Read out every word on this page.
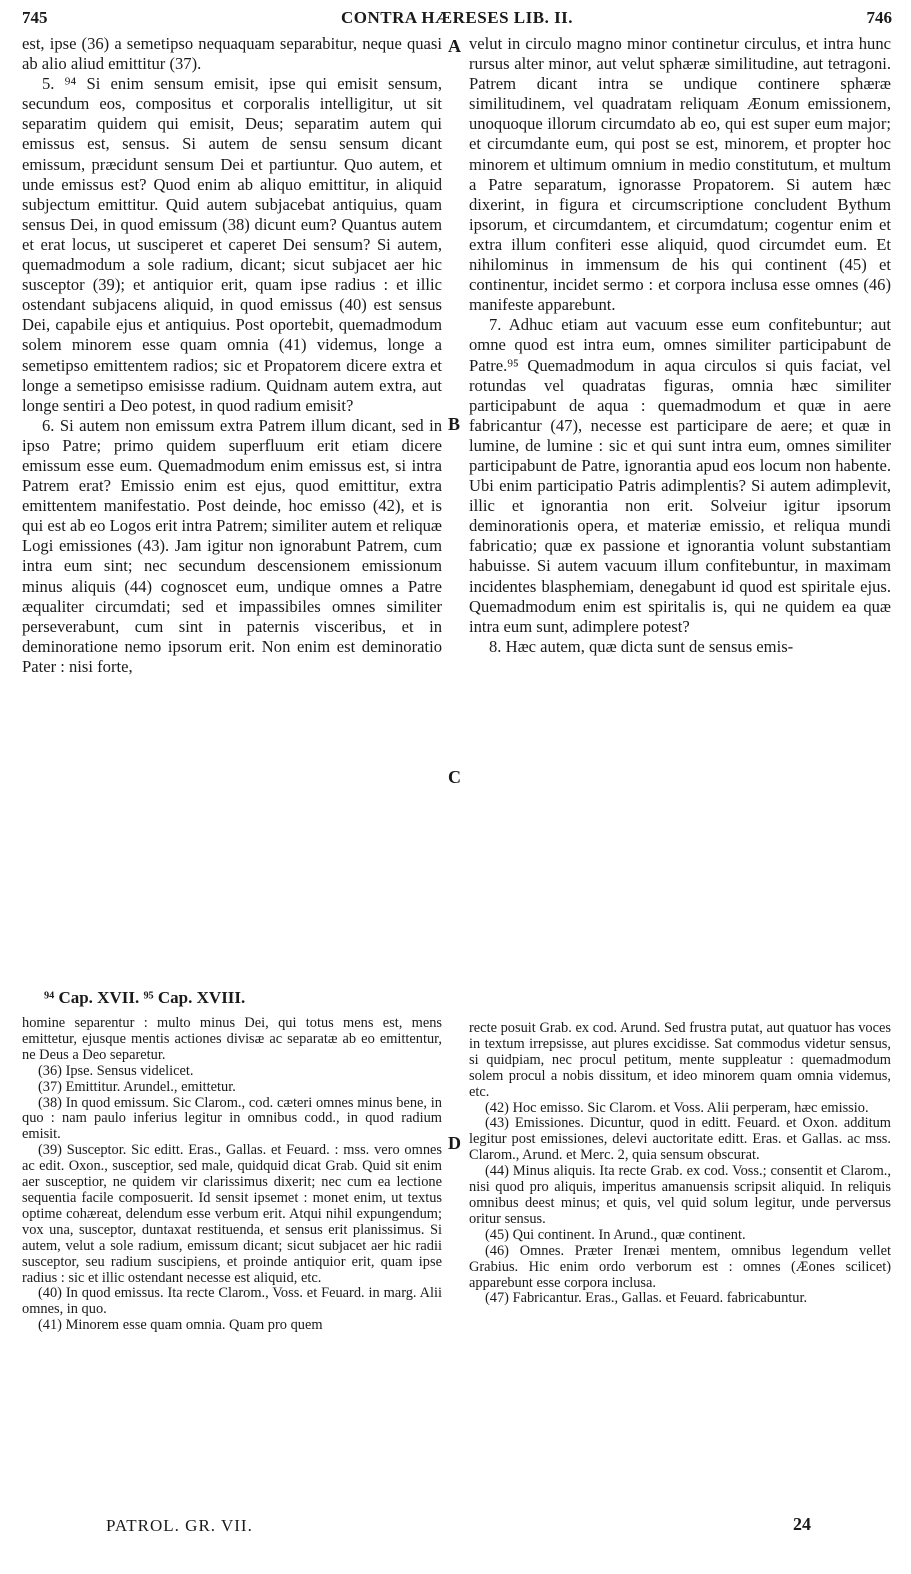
745	CONTRA HÆRESES LIB. II.	746

est, ipse (36) a semetipso nequaquam separabitur, neque quasi ab alio aliud emittitur (37).

5. ⁹⁴ Si enim sensum emisit, ipse qui emisit sensum, secundum eos, compositus et corporalis intelligitur, ut sit separatim quidem qui emisit, Deus; separatim autem qui emissus est, sensus. Si autem de sensu sensum dicant emissum, præcidunt sensum Dei et partiuntur. Quo autem, et unde emissus est? Quod enim ab aliquo emittitur, in aliquid subjectum emittitur. Quid autem subjacebat antiquius, quam sensus Dei, in quod emissum (38) dicunt eum? Quantus autem et erat locus, ut susciperet et caperet Dei sensum? Si autem, quemadmodum a sole radium, dicant; sicut subjacet aer hic susceptor (39); et antiquior erit, quam ipse radius : et illic ostendant subjacens aliquid, in quod emissus (40) est sensus Dei, capabile ejus et antiquius. Post oportebit, quemadmodum solem minorem esse quam omnia (41) videmus, longe a semetipso emittentem radios; sic et Propatorem dicere extra et longe a semetipso emisisse radium. Quidnam autem extra, aut longe sentiri a Deo potest, in quod radium emisit?

6. Si autem non emissum extra Patrem illum dicant, sed in ipso Patre; primo quidem superfluum erit etiam dicere emissum esse eum. Quemadmodum enim emissus est, si intra Patrem erat? Emissio enim est ejus, quod emittitur, extra emittentem manifestatio. Post deinde, hoc emisso (42), et is qui est ab eo Logos erit intra Patrem; similiter autem et reliquæ Logi emissiones (43). Jam igitur non ignorabunt Patrem, cum intra eum sint; nec secundum descensionem emissionum minus aliquis (44) cognoscet eum, undique omnes a Patre æqualiter circumdati; sed et impassibiles omnes similiter perseverabunt, cum sint in paternis visceribus, et in deminoratione nemo ipsorum erit. Non enim est deminoratio Pater : nisi forte,

velut in circulo magno minor continetur circulus, et intra hunc rursus alter minor, aut velut sphæræ similitudine, aut tetragoni. Patrem dicant intra se undique continere sphæræ similitudinem, vel quadratam reliquam Æonum emissionem, unoquoque illorum circumdato ab eo, qui est super eum major; et circumdante eum, qui post se est, minorem, et propter hoc minorem et ultimum omnium in medio constitutum, et multum a Patre separatum, ignorasse Propatorem. Si autem hæc dixerint, in figura et circumscriptione concludent Bythum ipsorum, et circumdantem, et circumdatum; cogentur enim et extra illum confiteri esse aliquid, quod circumdet eum. Et nihilominus in immensum de his qui continent (45) et continentur, incidet sermo : et corpora inclusa esse omnes (46) manifeste apparebunt.

7. Adhuc etiam aut vacuum esse eum confitebuntur; aut omne quod est intra eum, omnes similiter participabunt de Patre.⁹⁵ Quemadmodum in aqua circulos si quis faciat, vel rotundas vel quadratas figuras, omnia hæc similiter participabunt de aqua : quemadmodum et quæ in aere fabricantur (47), necesse est participare de aere; et quæ in lumine, de lumine : sic et qui sunt intra eum, omnes similiter participabunt de Patre, ignorantia apud eos locum non habente. Ubi enim participatio Patris adimplentis? Si autem adimplevit, illic et ignorantia non erit. Solveiur igitur ipsorum deminorationis opera, et materiæ emissio, et reliqua mundi fabricatio; quæ ex passione et ignorantia volunt substantiam habuisse. Si autem vacuum illum confitebuntur, in maximam incidentes blasphemiam, denegabunt id quod est spiritale ejus. Quemadmodum enim est spiritalis is, qui ne quidem ea quæ intra eum sunt, adimplere potest?

8. Hæc autem, quæ dicta sunt de sensus emis-

A
B
C
D
⁹⁴ Cap. XVII. ⁹⁵ Cap. XVIII.

homine separentur : multo minus Dei, qui totus mens est, mens emittetur, ejusque mentis actiones divisæ ac separatæ ab eo emittentur, ne Deus a Deo separetur.

(36) Ipse. Sensus videlicet.

(37) Emittitur. Arundel., emittetur.

(38) In quod emissum. Sic Clarom., cod. cæteri omnes minus bene, in quo : nam paulo inferius legitur in omnibus codd., in quod radium emisit.

(39) Susceptor. Sic editt. Eras., Gallas. et Feuard. : mss. vero omnes ac edit. Oxon., susceptior, sed male, quidquid dicat Grab. Quid sit enim aer susceptior, ne quidem vir clarissimus dixerit; nec cum ea lectione sequentia facile composuerit. Id sensit ipsemet : monet enim, ut textus optime cohæreat, delendum esse verbum erit. Atqui nihil expungendum; vox una, susceptor, duntaxat restituenda, et sensus erit planissimus. Si autem, velut a sole radium, emissum dicant; sicut subjacet aer hic radii susceptor, seu radium suscipiens, et proinde antiquior erit, quam ipse radius : sic et illic ostendant necesse est aliquid, etc.

(40) In quod emissus. Ita recte Clarom., Voss. et Feuard. in marg. Alii omnes, in quo.

(41) Minorem esse quam omnia. Quam pro quem

recte posuit Grab. ex cod. Arund. Sed frustra putat, aut quatuor has voces in textum irrepsisse, aut plures excidisse. Sat commodus videtur sensus, si quidpiam, nec procul petitum, mente suppleatur : quemadmodum solem procul a nobis dissitum, et ideo minorem quam omnia videmus, etc.

(42) Hoc emisso. Sic Clarom. et Voss. Alii perperam, hæc emissio.

(43) Emissiones. Dicuntur, quod in editt. Feuard. et Oxon. additum legitur post emissiones, delevi auctoritate editt. Eras. et Gallas. ac mss. Clarom., Arund. et Merc. 2, quia sensum obscurat.

(44) Minus aliquis. Ita recte Grab. ex cod. Voss.; consentit et Clarom., nisi quod pro aliquis, imperitus amanuensis scripsit aliquid. In reliquis omnibus deest minus; et quis, vel quid solum legitur, unde perversus oritur sensus.

(45) Qui continent. In Arund., quæ continent.

(46) Omnes. Præter Irenæi mentem, omnibus legendum vellet Grabius. Hic enim ordo verborum est : omnes (Æones scilicet) apparebunt esse corpora inclusa.

(47) Fabricantur. Eras., Gallas. et Feuard. fabricabuntur.

PATROL. GR. VII.	24
